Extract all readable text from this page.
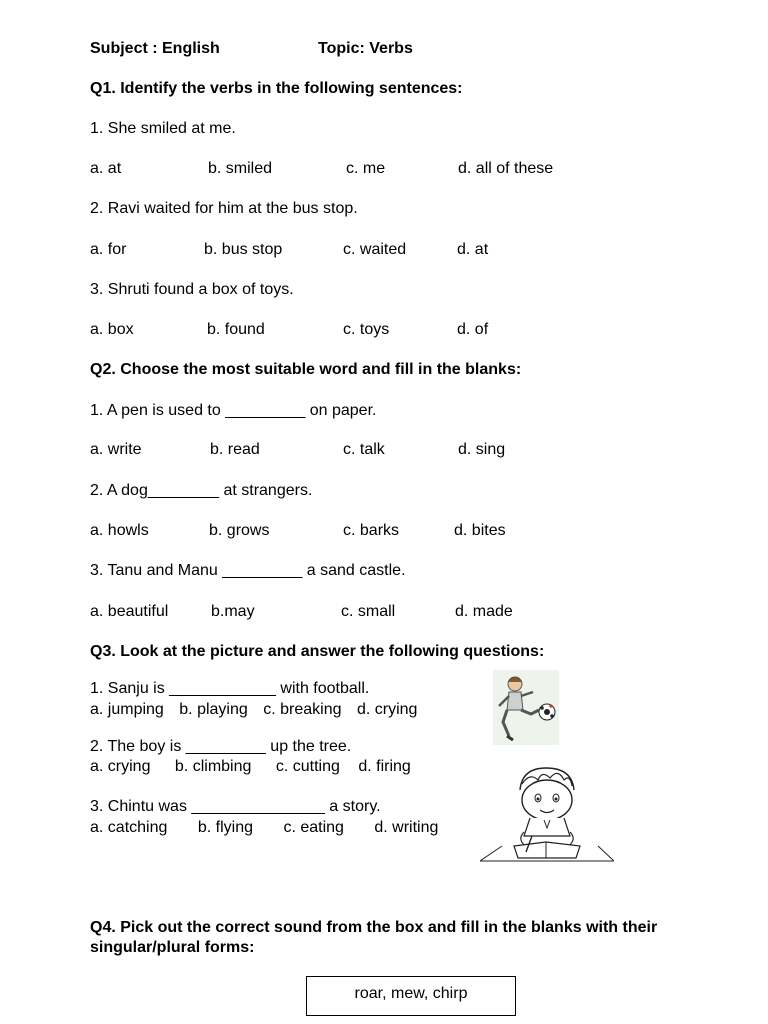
Subject : English	Topic: Verbs
Q1. Identify the verbs in the following sentences:
1. She smiled at me.
a. at	b. smiled	c. me	d. all of these
2. Ravi waited for him at the bus stop.
a. for	b. bus stop	c. waited	d. at
3. Shruti found a box of toys.
a. box	b. found	c. toys	d. of
Q2. Choose the most suitable word and fill in the blanks:
1. A pen is used to _________ on paper.
a. write	b. read	c. talk	d. sing
2. A dog________ at strangers.
a. howls	b. grows	c. barks	d. bites
3. Tanu and Manu _________ a sand castle.
a. beautiful	b.may	c. small	d. made
Q3. Look at the picture and answer the following questions:
1. Sanju is ____________ with football.
a. jumping b. playing c. breaking d. crying
2. The boy is _________ up the tree.
a. crying b. climbing c. cutting d. firing
3. Chintu was _______________ a story.
a. catching b. flying c. eating d. writing
Q4. Pick out the correct sound from the box and fill in the blanks with their
singular/plural forms:
roar, mew, chirp
